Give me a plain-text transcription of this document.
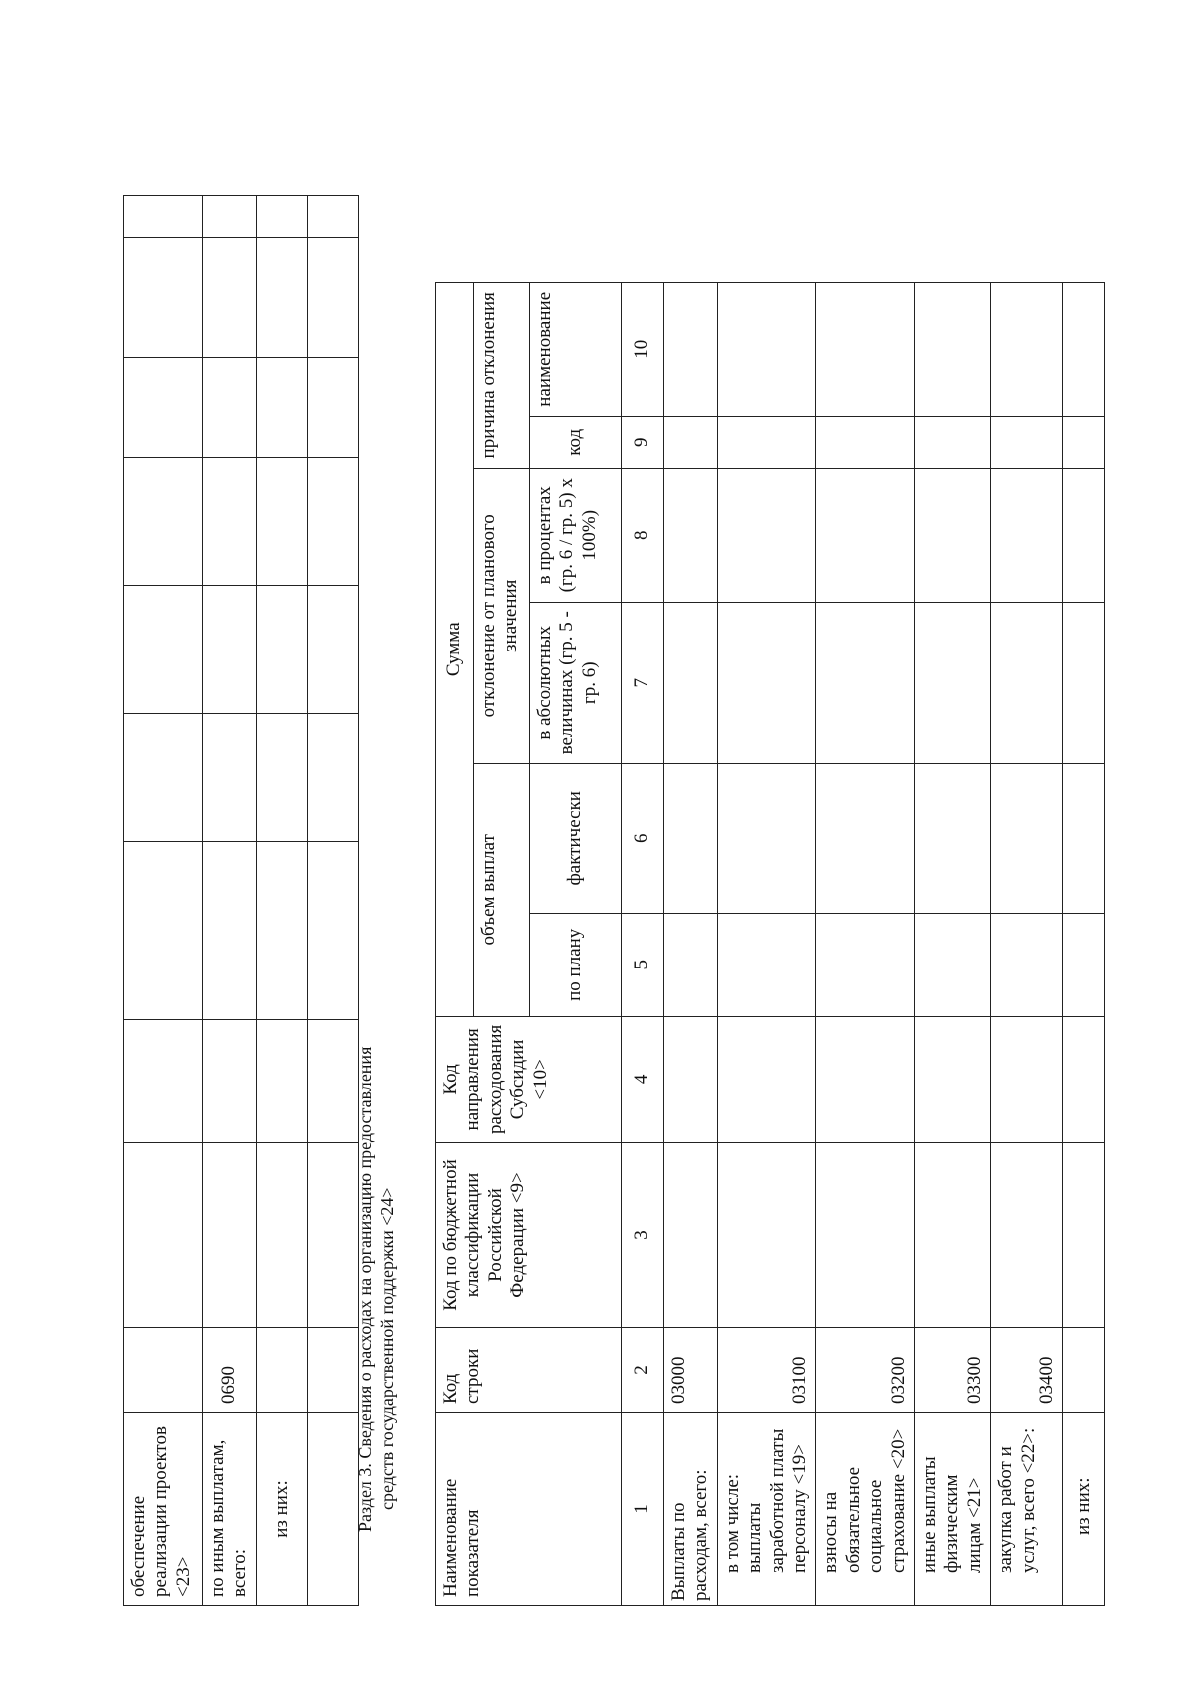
обеспечение реализации проектов <23>										
по иным выплатам, всего:	0690									
из них:										
											Раздел 3. Сведения о расходах на организацию предоставления средств государственной поддержки <24>
Наименование показателя	Код строки	Код по бюджетной классификации Российской Федерации <9>	Код направления расходования Субсидии <10>	Сумма					
				объем выплат		отклонение от планового значения		причина отклонения	
				по плану	фактически	в абсолютных величинах (гр. 5 - гр. 6)	в процентах (гр. 6 / гр. 5) x 100%)	код	наименование
1	2	3	4	5	6	7	8	9	10
Выплаты по расходам, всего:	03000								
в том числе: выплаты заработной платы персоналу <19>	03100								
взносы на обязательное социальное страхование <20>	03200								
иные выплаты физическим лицам <21>	03300								
закупка работ и услуг, всего <22>:	03400								
из них:									
